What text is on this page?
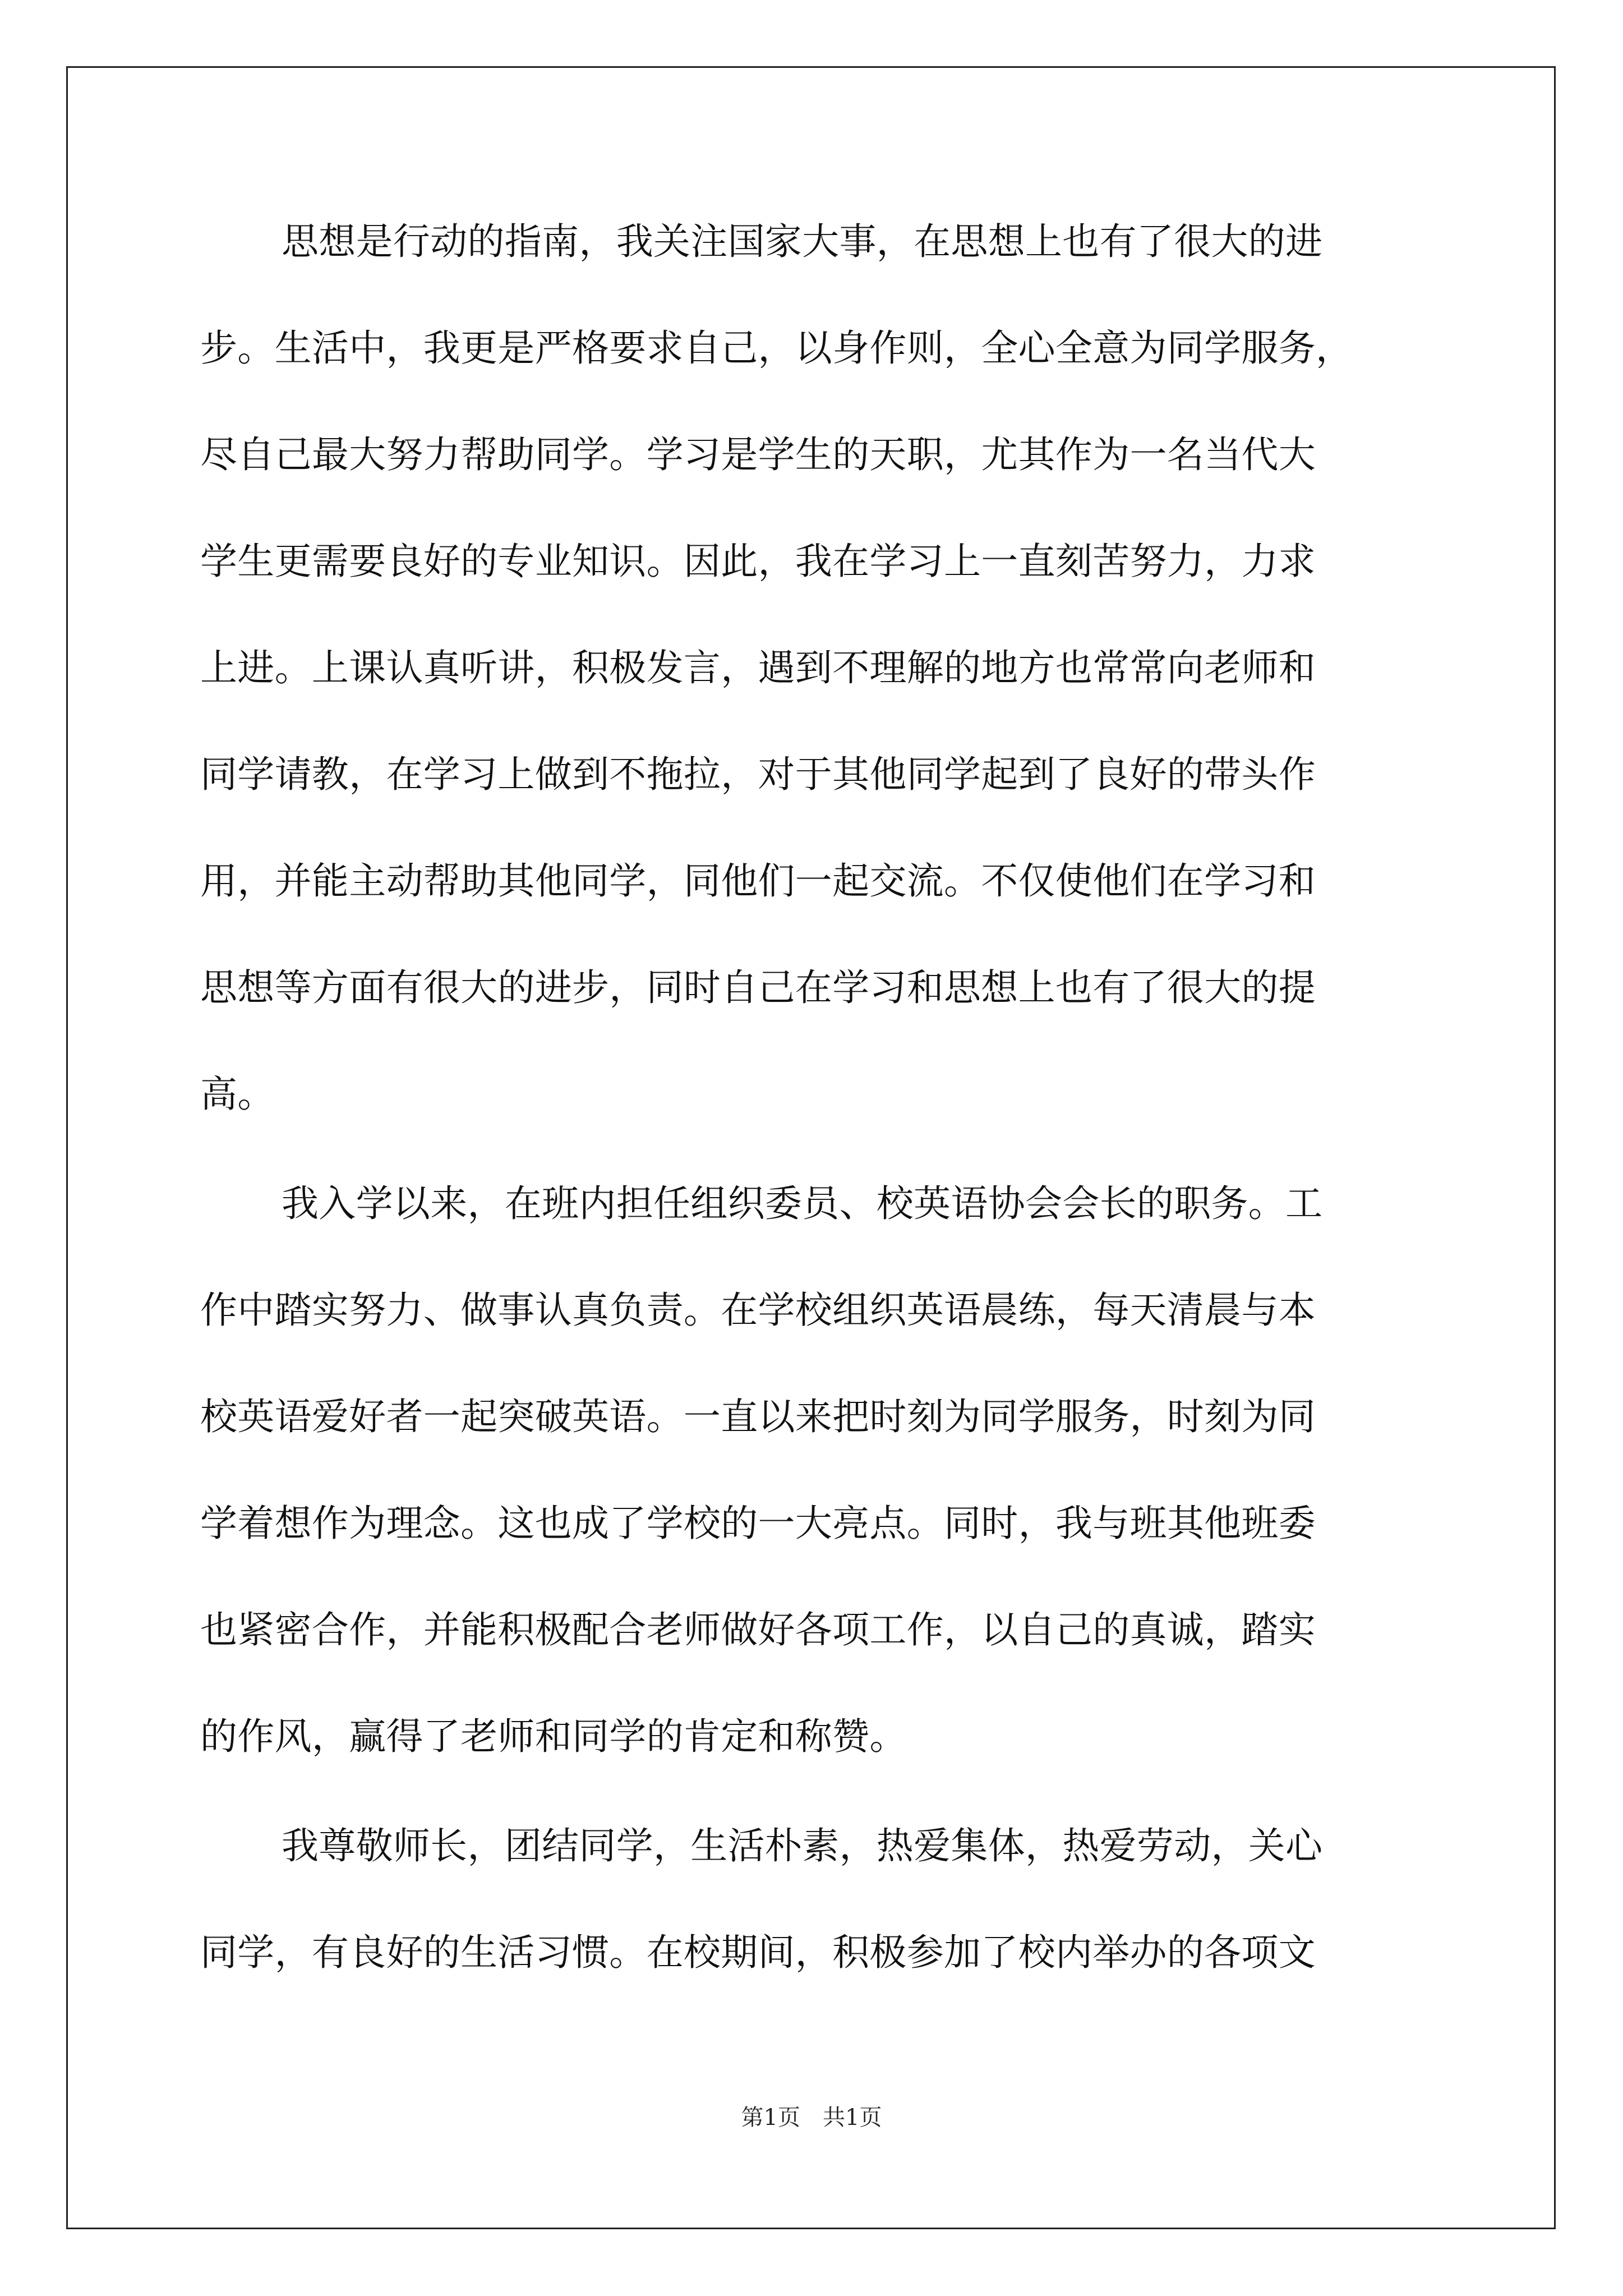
思想是行动的指南，我关注国家大事，在思想上也有了很大的进
步。生活中，我更是严格要求自己，以身作则，全心全意为同学服务，
尽自己最大努力帮助同学。学习是学生的天职，尤其作为一名当代大
学生更需要良好的专业知识。因此，我在学习上一直刻苦努力，力求
上进。上课认真听讲，积极发言，遇到不理解的地方也常常向老师和
同学请教，在学习上做到不拖拉，对于其他同学起到了良好的带头作
用，并能主动帮助其他同学，同他们一起交流。不仅使他们在学习和
思想等方面有很大的进步，同时自己在学习和思想上也有了很大的提
高。
我入学以来，在班内担任组织委员、校英语协会会长的职务。工
作中踏实努力、做事认真负责。在学校组织英语晨练，每天清晨与本
校英语爱好者一起突破英语。一直以来把时刻为同学服务，时刻为同
学着想作为理念。这也成了学校的一大亮点。同时，我与班其他班委
也紧密合作，并能积极配合老师做好各项工作，以自己的真诚，踏实
的作风，赢得了老师和同学的肯定和称赞。
我尊敬师长，团结同学，生活朴素，热爱集体，热爱劳动，关心
同学，有良好的生活习惯。在校期间，积极参加了校内举办的各项文
第1页 共1页
